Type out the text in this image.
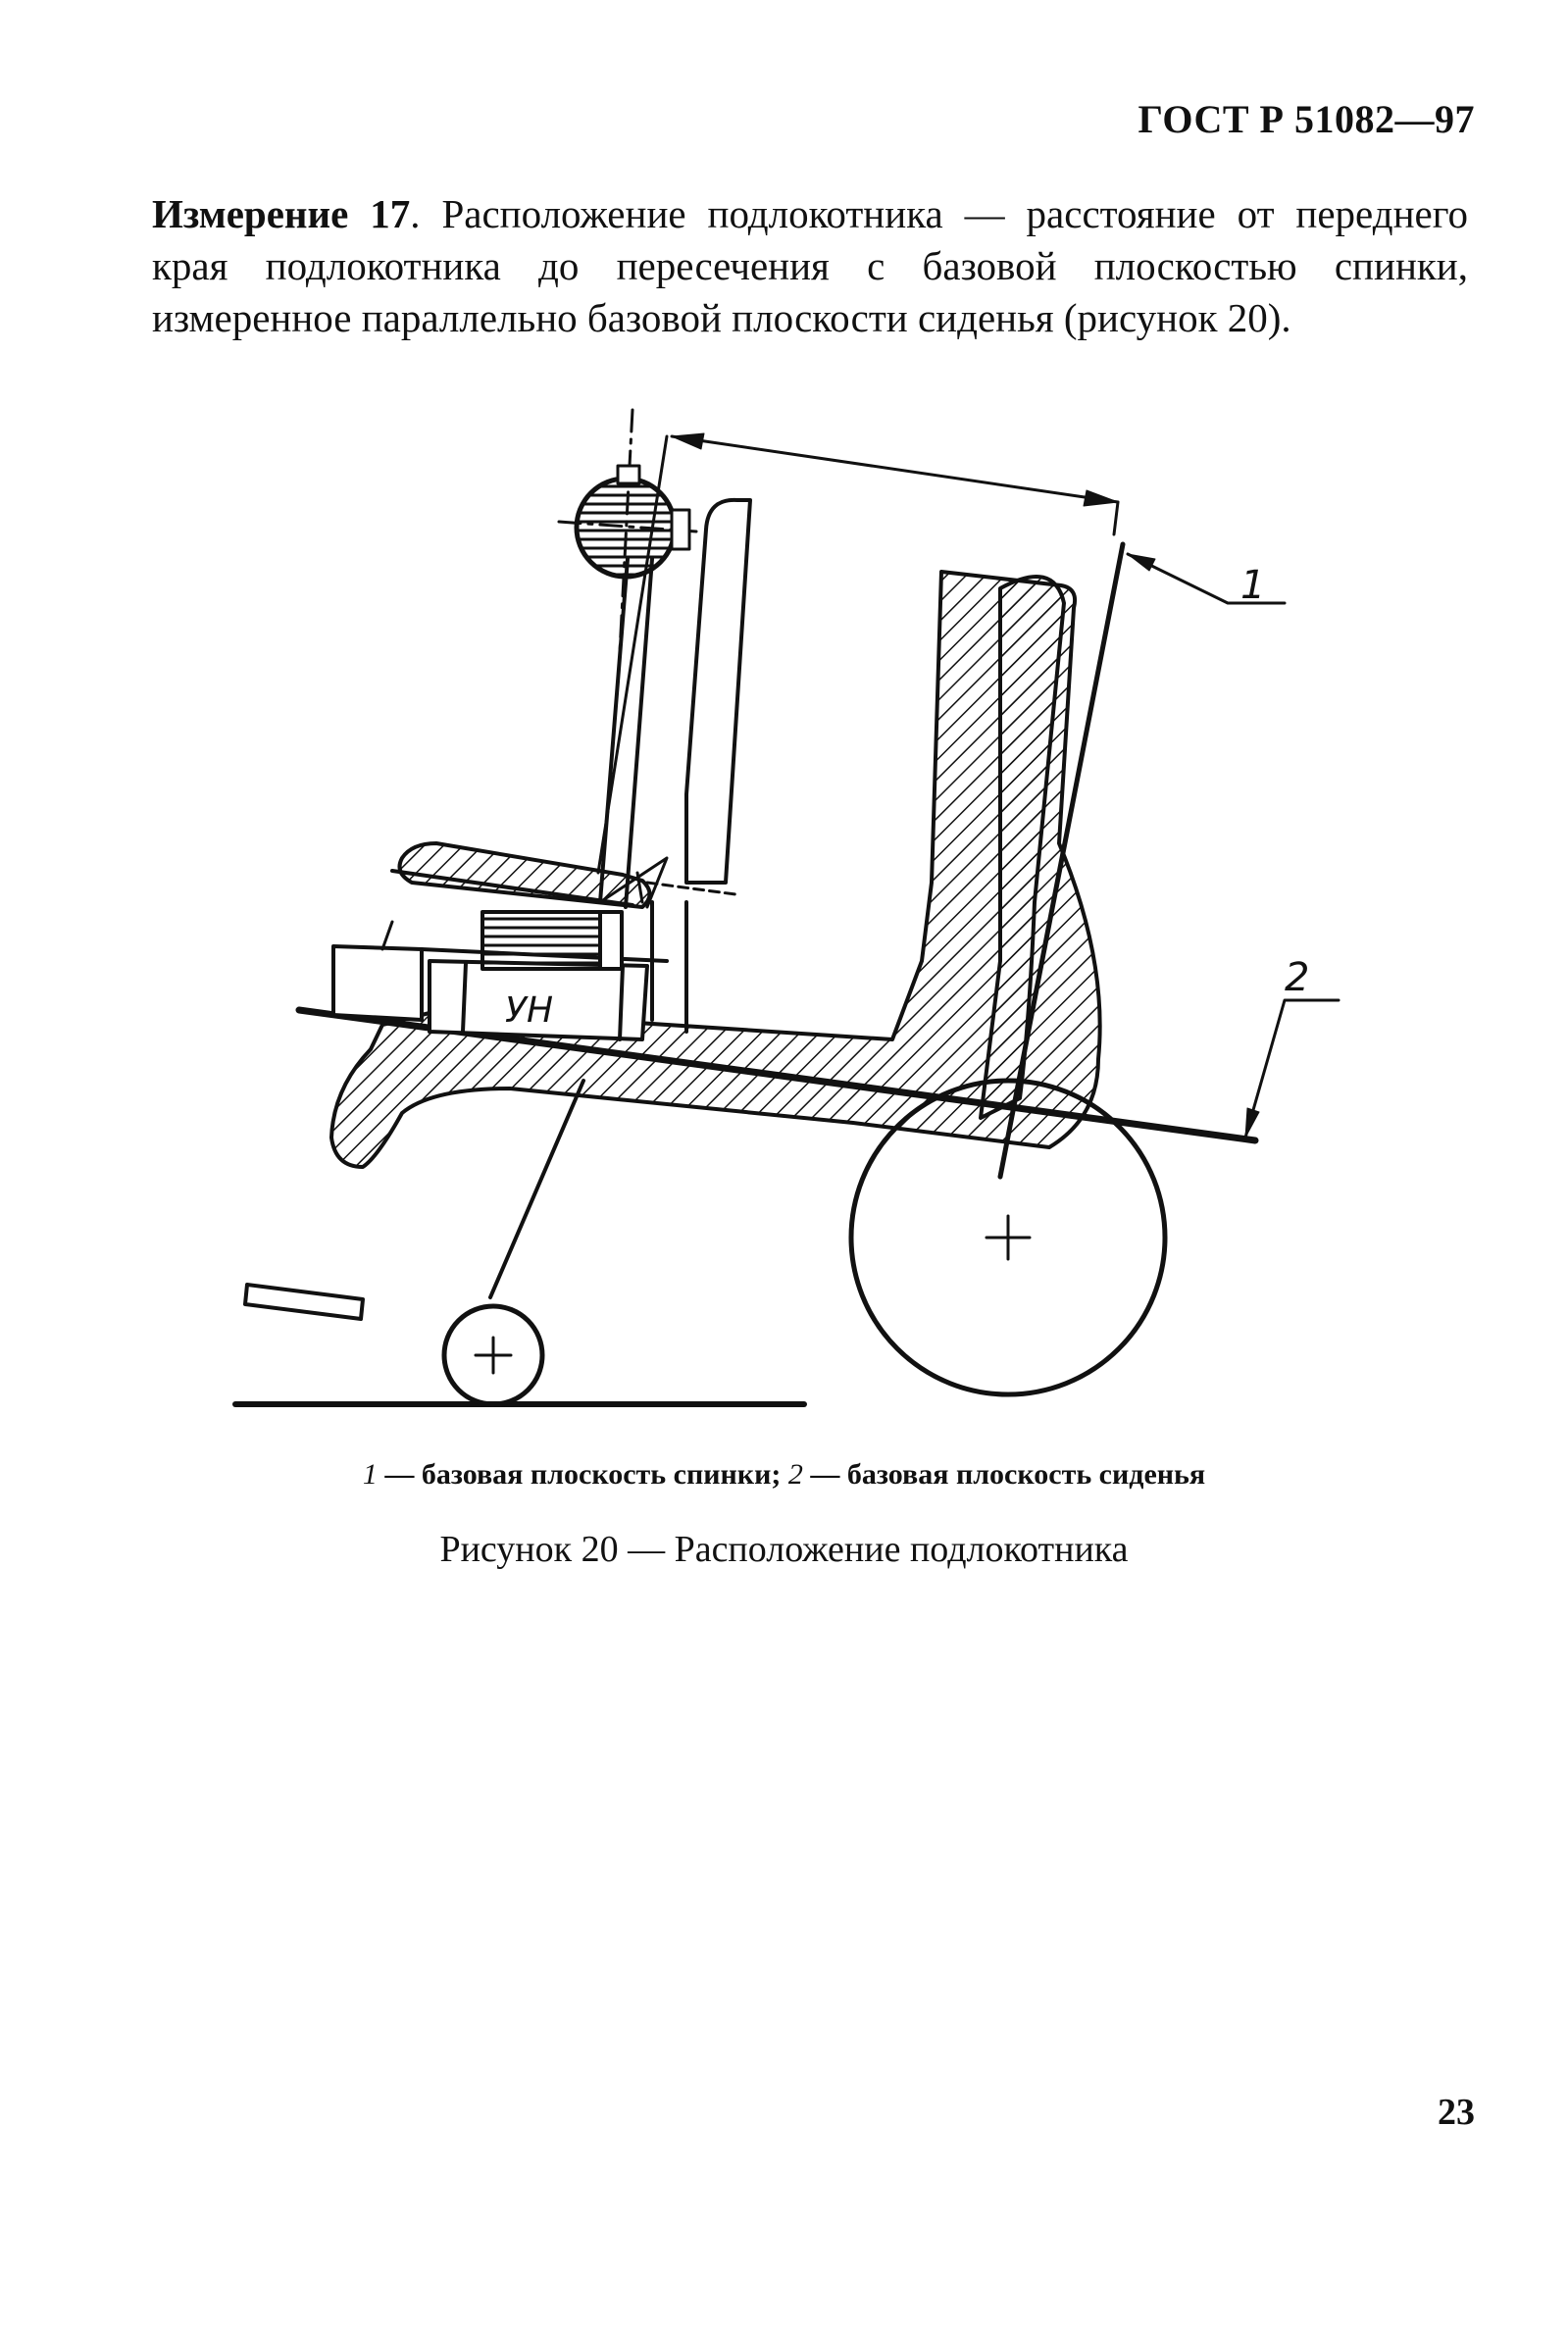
ГОСТ Р 51082—97
Измерение 17. Расположение подлокотника — расстояние от переднего края подлокотника до пересечения с базовой плоскостью спинки, измеренное параллельно базовой плоскости сиденья (рисунок 20).
1
2
УН
1 — базовая плоскость спинки; 2 — базовая плоскость сиденья
Рисунок 20 — Расположение подлокотника
23
